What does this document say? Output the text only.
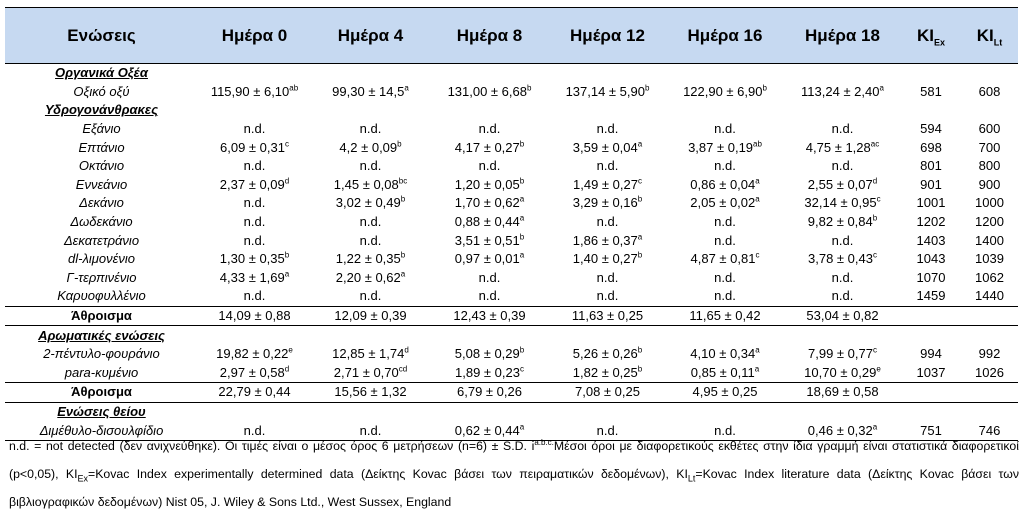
Ενώσεις	Ημέρα 0	Ημέρα 4	Ημέρα 8	Ημέρα 12	Ημέρα 16	Ημέρα 18	$KI_{Ex}$	$KI_{Lt}$
Οργανικά Οξέα								
Οξικό οξύ	115,90 ± 6,10$^{ab}$	99,30 ± 14,5$^a$	131,00 ± 6,68$^b$	137,14 ± 5,90$^b$	122,90 ± 6,90$^b$	113,24 ± 2,40$^a$	581	608
Υδρογονάνθρακες								
Εξάνιο	n.d.	n.d.	n.d.	n.d.	n.d.	n.d.	594	600
Επτάνιο	6,09 ± 0,31$^c$	4,2 ± 0,09$^b$	4,17 ± 0,27$^b$	3,59 ± 0,04$^a$	3,87 ± 0,19$^{ab}$	4,75 ± 1,28$^{ac}$	698	700
Οκτάνιο	n.d.	n.d.	n.d.	n.d.	n.d.	n.d.	801	800
Εννεάνιο	2,37 ± 0,09$^d$	1,45 ± 0,08$^{bc}$	1,20 ± 0,05$^b$	1,49 ± 0,27$^c$	0,86 ± 0,04$^a$	2,55 ± 0,07$^d$	901	900
Δεκάνιο	n.d.	3,02 ± 0,49$^b$	1,70 ± 0,62$^a$	3,29 ± 0,16$^b$	2,05 ± 0,02$^a$	32,14 ± 0,95$^c$	1001	1000
Δωδεκάνιο	n.d.	n.d.	0,88 ± 0,44$^a$	n.d.	n.d.	9,82 ± 0,84$^b$	1202	1200
Δεκατετράνιο	n.d.	n.d.	3,51 ± 0,51$^b$	1,86 ± 0,37$^a$	n.d.	n.d.	1403	1400
dl-λιμονένιο	1,30 ± 0,35$^b$	1,22 ± 0,35$^b$	0,97 ± 0,01$^a$	1,40 ± 0,27$^b$	4,87 ± 0,81$^c$	3,78 ± 0,43$^c$	1043	1039
Γ-τερπινένιο	4,33 ± 1,69$^a$	2,20 ± 0,62$^a$	n.d.	n.d.	n.d.	n.d.	1070	1062
Καρυοφυλλένιο	n.d.	n.d.	n.d.	n.d.	n.d.	n.d.	1459	1440
Άθροισμα	14,09 ± 0,88	12,09 ± 0,39	12,43 ± 0,39	11,63 ± 0,25	11,65 ± 0,42	53,04 ± 0,82		
Αρωματικές ενώσεις								
2-πέντυλο-φουράνιο	19,82 ± 0,22$^e$	12,85 ± 1,74$^d$	5,08 ± 0,29$^b$	5,26 ± 0,26$^b$	4,10 ± 0,34$^a$	7,99 ± 0,77$^c$	994	992
para-κυμένιο	2,97 ± 0,58$^d$	2,71 ± 0,70$^{cd}$	1,89 ± 0,23$^c$	1,82 ± 0,25$^b$	0,85 ± 0,11$^a$	10,70 ± 0,29$^e$	1037	1026
Άθροισμα	22,79 ± 0,44	15,56 ± 1,32	6,79 ± 0,26	7,08 ± 0,25	4,95 ± 0,25	18,69 ± 0,58		
Ενώσεις θείου								
Διμέθυλο-δισουλφίδιο	n.d.	n.d.	0,62 ± 0,44$^a$	n.d.	n.d.	0,46 ± 0,32$^a$	751	746
n.d. = not detected (δεν ανιχνεύθηκε). Οι τιμές είναι ο μέσος όρος 6 μετρήσεων (n=6) ± S.D. $i^{a.b.c.}Mέ\sigma o\iota$ όροι με διαφορετικούς εκθέτες στην ίδια γραμμή είναι στατιστικά διαφορετικοί (p<0,05), $KI_{Ex}=Kovac$ Index experimentally determined data (Δείκτης Kovac βάσει των πειραματικών δεδομένων), $KI_{Lt}=Kovac$ Index literature data (Δείκτης Kovac βάσει των βιβλιογραφικών δεδομένων) Nist 05, J. Wiley & Sons Ltd., West Sussex, England
